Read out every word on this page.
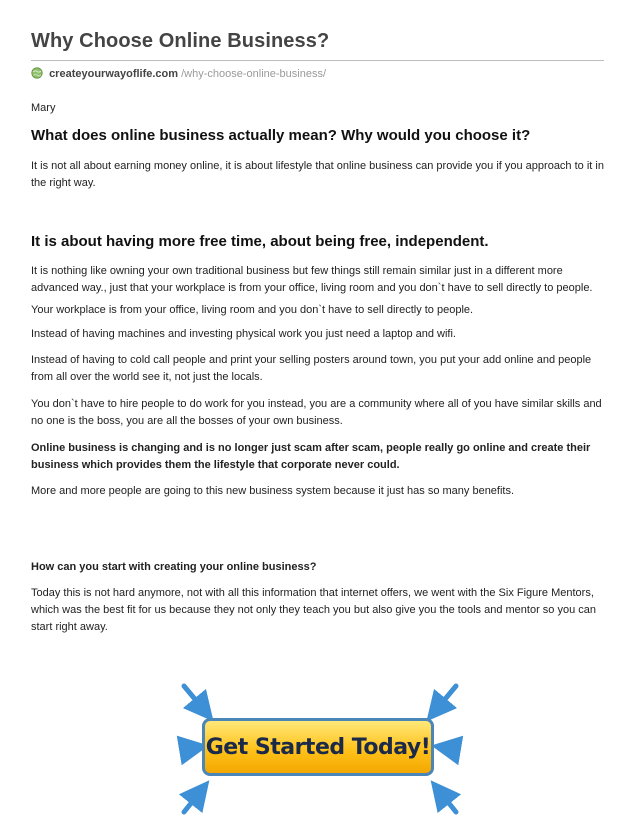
Why Choose Online Business?
createyourwayoflife.com /why-choose-online-business/
Mary
What does online business actually mean? Why would you choose it?

It is not all about earning money online, it is about lifestyle that online business can provide you if you approach to it in the right way.

It is about having more free time, about being free, independent.

It is nothing like owning your own traditional business but few things still remain similar just in a different more advanced way., just that your workplace is from your office, living room and you don`t have to sell directly to people.

Your workplace is from your office, living room and you don`t have to sell directly to people.

Instead of having machines and investing physical work you just need a laptop and wifi.

Instead of having to cold call people and print your selling posters around town, you put your add online and people from all over the world see it, not just the locals.

You don`t have to hire people to do work for you instead, you are a community where all of you have similar skills and no one is the boss, you are all the bosses of your own business.

Online business is changing and is no longer just scam after scam, people really go online and create their business which provides them the lifestyle that corporate never could.

More and more people are going to this new business system because it just has so many benefits.

How can you start with creating your online business?

Today this is not hard anymore, not with all this information that internet offers, we went with the Six Figure Mentors, which was the best fit for us because they not only they teach you but also give you the tools and mentor so you can start right away.

Get Started Today!
